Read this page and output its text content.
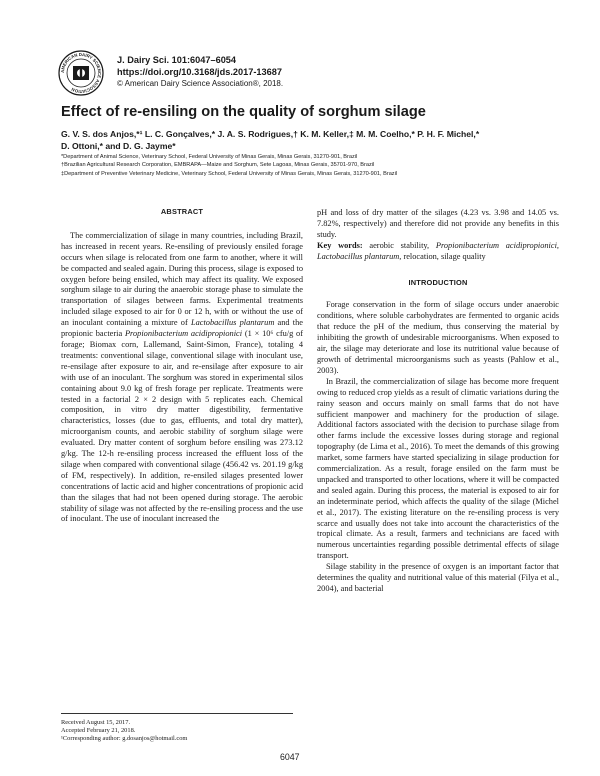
AMERICAN DAIRY SCIENCE ASSOCIATION
J. Dairy Sci. 101:6047–6054
https://doi.org/10.3168/jds.2017-13687
© American Dairy Science Association®, 2018.
Effect of re-ensiling on the quality of sorghum silage
G. V. S. dos Anjos,*¹ L. C. Gonçalves,* J. A. S. Rodrigues,† K. M. Keller,‡ M. M. Coelho,* P. H. F. Michel,*
D. Ottoni,* and D. G. Jayme*
*Department of Animal Science, Veterinary School, Federal University of Minas Gerais, Minas Gerais, 31270-901, Brazil
†Brazilian Agricultural Research Corporation, EMBRAPA—Maize and Sorghum, Sete Lagoas, Minas Gerais, 35701-970, Brazil
‡Department of Preventive Veterinary Medicine, Veterinary School, Federal University of Minas Gerais, Minas Gerais, 31270-901, Brazil
ABSTRACT

The commercialization of silage in many countries, including Brazil, has increased in recent years. Re-ensiling of previously ensiled forage occurs when silage is relocated from one farm to another, where it will be compacted and sealed again. During this process, silage is exposed to oxygen before being ensiled, which may affect its quality. We exposed sorghum silage to air during the anaerobic storage phase to simulate the transportation of silages between farms. Experimental treatments included silage exposed to air for 0 or 12 h, with or without the use of an inoculant containing a mixture of Lactobacillus plantarum and the propionic bacteria Propionibacterium acidipropionici (1 × 10⁶ cfu/g of forage; Biomax corn, Lallemand, Saint-Simon, France), totaling 4 treatments: conventional silage, conventional silage with inoculant use, re-ensilage after exposure to air, and re-ensilage after exposure to air with use of an inoculant. The sorghum was stored in experimental silos containing about 9.0 kg of fresh forage per replicate. Treatments were tested in a factorial 2 × 2 design with 5 replicates each. Chemical composition, in vitro dry matter digestibility, fermentative characteristics, losses (due to gas, effluents, and total dry matter), microorganism counts, and aerobic stability of sorghum silage were evaluated. Dry matter content of sorghum before ensiling was 273.12 g/kg. The 12-h re-ensiling process increased the effluent loss of the silage when compared with conventional silage (456.42 vs. 201.19 g/kg of FM, respectively). In addition, re-ensiled silages presented lower concentrations of lactic acid and higher concentrations of propionic acid than the silages that had not been opened during storage. The aerobic stability of silage was not affected by the re-ensiling process and the use of inoculant. The use of inoculant increased the

pH and loss of dry matter of the silages (4.23 vs. 3.98 and 14.05 vs. 7.82%, respectively) and therefore did not provide any benefits in this study.

Key words: aerobic stability, Propionibacterium acidipropionici, Lactobacillus plantarum, relocation, silage quality

INTRODUCTION

Forage conservation in the form of silage occurs under anaerobic conditions, where soluble carbohydrates are fermented to organic acids that reduce the pH of the medium, thus conserving the material by inhibiting the growth of undesirable microorganisms. When exposed to air, the silage may deteriorate and lose its nutritional value because of growth of detrimental microorganisms such as yeasts (Pahlow et al., 2003).

In Brazil, the commercialization of silage has become more frequent owing to reduced crop yields as a result of climatic variations during the rainy season and occurs mainly on small farms that do not have sufficient manpower and machinery for the production of silage. Additional factors associated with the decision to purchase silage from other farms include the excessive losses during storage and regional topography (de Lima et al., 2016). To meet the demands of this growing market, some farmers have started specializing in silage production for commercialization. As a result, forage ensiled on the farm must be unpacked and transported to other locations, where it will be compacted and sealed again. During this process, the material is exposed to air for an indeterminate period, which affects the quality of the silage (Michel et al., 2017). The existing literature on the re-ensiling process is very scarce and usually does not take into account the characteristics of the tropical climate. As a result, farmers and technicians are faced with numerous uncertainties regarding possible detrimental effects of silage transport.

Silage stability in the presence of oxygen is an important factor that determines the quality and nutritional value of this material (Filya et al., 2004), and bacterial

Received August 15, 2017.
Accepted February 21, 2018.
¹Corresponding author: g.dosanjos@hotmail.com
6047
